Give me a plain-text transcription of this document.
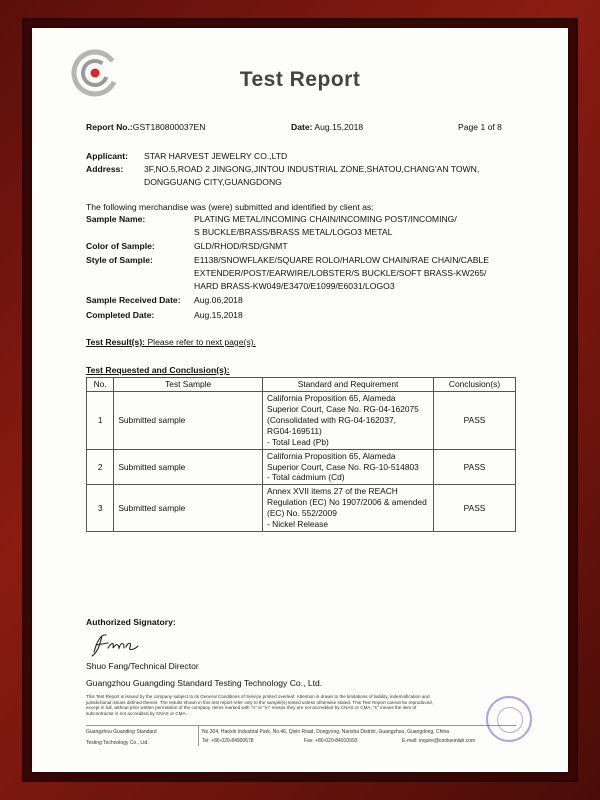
Test Report
Report No.:GST180800037EN	Date: Aug.15,2018	Page 1 of 8
Applicant: STAR HARVEST JEWELRY CO.,LTD
Address: 3F,NO.5,ROAD 2 JINGONG,JINTOU INDUSTRIAL ZONE,SHATOU,CHANG'AN TOWN,
DONGGUANG CITY,GUANGDONG
The following merchandise was (were) submitted and identified by client as:
Sample Name:	PLATING METAL/INCOMING CHAIN/INCOMING POST/INCOMING/
S BUCKLE/BRASS/BRASS METAL/LOGO3 METAL
Color of Sample:	GLD/RHOD/RSD/GNMT
Style of Sample:	E1138/SNOWFLAKE/SQUARE ROLO/HARLOW CHAIN/RAE CHAIN/CABLE
EXTENDER/POST/EARWIRE/LOBSTER/S BUCKLE/SOFT BRASS-KW265/
HARD BRASS-KW049/E3470/E1099/E6031/LOGO3
Sample Received Date: Aug.06,2018
Completed Date:	Aug.15,2018
Test Result(s): Please refer to next page(s).
Test Requested and Conclusion(s):
No.	Test Sample	Standard and Requirement	Conclusion(s)
1	Submitted sample	California Proposition 65, Alameda
Superior Court, Case No. RG-04-162075
(Consolidated with RG-04-162037,
RG04-169511)
- Total Lead (Pb)	PASS
2	Submitted sample	California Proposition 65, Alameda
Superior Court, Case No. RG-10-514803
- Total cadmium (Cd)	PASS
3	Submitted sample	Annex XVII items 27 of the REACH
Regulation (EC) No 1907/2006 & amended
(EC) No. 552/2009
- Nickel Release	PASS
Authorized Signatory:
Shuo Fang/Technical Director
Guangzhou Guangding Standard Testing Technology Co., Ltd.
This Test Report is issued by the company subject to its General Conditions of Service printed overleaf. Attention is drawn to the limitations of liability, indemnification and
jurisdictional issues defined therein. The results shown in this test report refer only to the sample(s) tested unless otherwise stated. This Test Report cannot be reproduced,
except in full, without prior written permission of the company. Items marked with "n" or "m" means they are not accredited by CNAS or CMA, "s" means the item of
subcontractor is not accredited by CNAS or CMA.
Guangzhou Guanding Standard
Testing Technology Co., Ltd.
No.304, Haoxin Industrial Park, No.46, Qixin Road, Dongyong, Nansha District, Guangzhou, Guangdong, China
Tel: +86-020-84900678	Fax: +86-020-84910993	E-mail: inquire@cooksonlab.com
